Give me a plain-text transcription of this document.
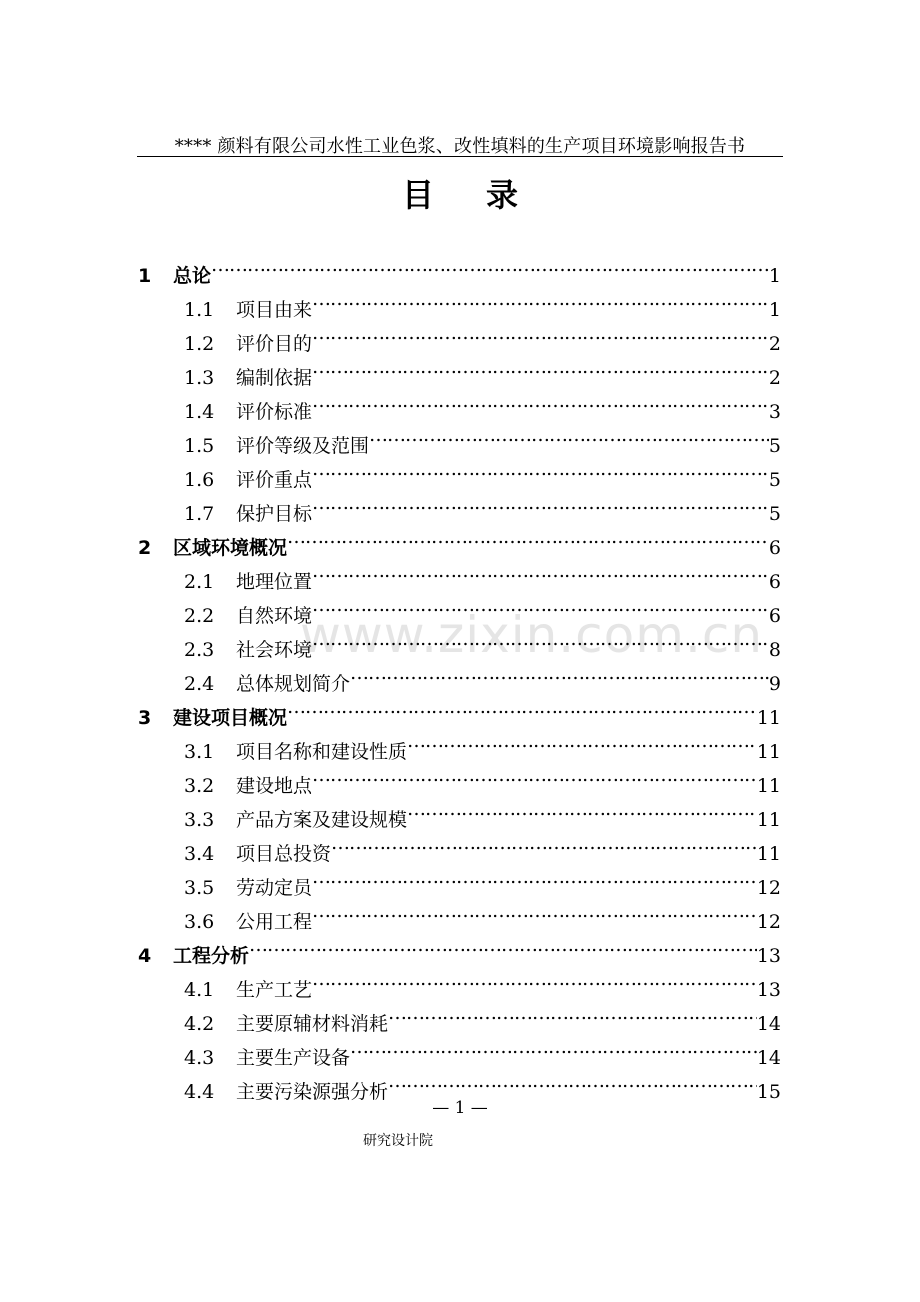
**** 颜料有限公司水性工业色浆、改性填料的生产项目环境影响报告书
目录
www.zixin.com.cn
1	总论 ……………………………………………………………………………………………………………………………………	1
1.1	项目由来 ……………………………………………………………………………………………………………………………………	1
1.2	评价目的 ……………………………………………………………………………………………………………………………………	2
1.3	编制依据 ……………………………………………………………………………………………………………………………………	2
1.4	评价标准 ……………………………………………………………………………………………………………………………………	3
1.5	评价等级及范围 ……………………………………………………………………………………………………………………………………	5
1.6	评价重点 ……………………………………………………………………………………………………………………………………	5
1.7	保护目标 ……………………………………………………………………………………………………………………………………	5
2	区域环境概况 ……………………………………………………………………………………………………………………………………	6
2.1	地理位置 ……………………………………………………………………………………………………………………………………	6
2.2	自然环境 ……………………………………………………………………………………………………………………………………	6
2.3	社会环境 ……………………………………………………………………………………………………………………………………	8
2.4	总体规划简介 ……………………………………………………………………………………………………………………………………	9
3	建设项目概况 ……………………………………………………………………………………………………………………………………	11
3.1	项目名称和建设性质 ……………………………………………………………………………………………………………………………………	11
3.2	建设地点 ……………………………………………………………………………………………………………………………………	11
3.3	产品方案及建设规模 ……………………………………………………………………………………………………………………………………	11
3.4	项目总投资 ……………………………………………………………………………………………………………………………………	11
3.5	劳动定员 ……………………………………………………………………………………………………………………………………	12
3.6	公用工程 ……………………………………………………………………………………………………………………………………	12
4	工程分析 ……………………………………………………………………………………………………………………………………	13
4.1	生产工艺 ……………………………………………………………………………………………………………………………………	13
4.2	主要原辅材料消耗 ……………………………………………………………………………………………………………………………………	14
4.3	主要生产设备 ……………………………………………………………………………………………………………………………………	14
4.4	主要污染源强分析 ……………………………………………………………………………………………………………………………………	15
— 1 —
研究设计院
